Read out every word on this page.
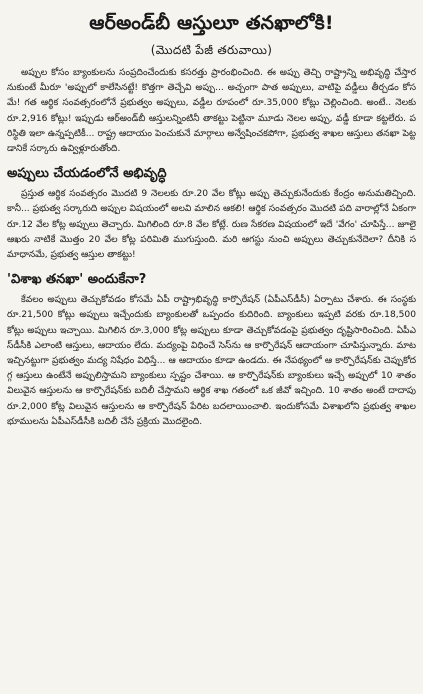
ఆర్‌అండ్‌బీ ఆస్తులూ తనఖాలోకి!
(మొదటి పేజీ తరువాయి)

అప్పుల కోసం బ్యాంకులను సంప్రదించేందుకు కసరత్తు ప్రారంభించింది. ఈ అప్పు తెచ్చి రాష్ట్రాన్ని అభివృద్ధి చేస్తారనుకుంటే మీరూ 'అప్పులో కాలేసినట్టే! కొత్తగా తెచ్చేవి అప్పు... అచ్చంగా పాత అప్పులు, వాటిపై వడ్డీలు తీర్చడం కోసమే! గత ఆర్థిక సంవత్సరంలోనే ప్రభుత్వం అప్పులు, వడ్డీల రూపంలో రూ.35,000 కోట్లు చెల్లించింది. అంటే.. నెలకు రూ.2,916 కోట్లు! ఇప్పుడు ఆర్‌అండ్‌బీ ఆస్తులన్నింటినీ తాకట్టు పెట్టినా మూడు నెలల అప్పు, వడ్డీ కూడా కట్టలేరు. పరిస్థితి ఇలా ఉన్నప్పటికీ... రాష్ట్ర ఆదాయం పెంచుకునే మార్గాలు అన్వేషించకపోగా, ప్రభుత్వ శాఖల ఆస్తులు తనఖా పెట్టడానికే సర్కారు ఉవ్విళ్లూరుతోంది.

అప్పులు చేయడంలోనే అభివృద్ధి

ప్రస్తుత ఆర్థిక సంవత్సరం మొదటి 9 నెలలకు రూ.20 వేల కోట్లు అప్పు తెచ్చుకునేందుకు కేంద్రం అనుమతిచ్చింది. కానీ... ప్రభుత్వ సర్కారుది అప్పుల విషయంలో అలవి మాలిన ఆకలి! ఆర్థిక సంవత్సరం మొదటి పది వారాల్లోనే ఏకంగా రూ.12 వేల కోట్ల అప్పులు తెచ్చారు. మిగిలింది రూ.8 వేల కోట్లే. రుణ సేకరణ విషయంలో ఇదే 'వేగం' చూపిస్తే... జూలై ఆఖరు నాటికే మొత్తం 20 వేల కోట్ల పరిమితి ముగుస్తుంది. మరి ఆగస్టు నుంచి అప్పులు తెచ్చుకునేదెలా? దీనికి సమాధానమే, ప్రభుత్వ ఆస్తుల తాకట్టు!

'విశాఖ తనఖా' అందుకేనా?

కేవలం అప్పులు తెచ్చుకోవడం కోసమే ఏపీ రాష్ట్రాభివృద్ధి కార్పొరేషన్ (ఏపీఎస్‌డీసీ) ఏర్పాటు చేశారు. ఈ సంస్థకు రూ.21,500 కోట్లు అప్పులు ఇచ్చేందుకు బ్యాంకులతో ఒప్పందం కుదిరింది. బ్యాంకులు ఇప్పటి వరకు రూ.18,500 కోట్లు అప్పులు ఇచ్చాయి. మిగిలిన రూ.3,000 కోట్ల అప్పులు కూడా తెచ్చుకోవడంపై ప్రభుత్వం దృష్టిసారించింది. ఏపీఎస్‌డీసీకి ఎలాంటి ఆస్తులు, ఆదాయం లేదు. మద్యంపై విధించే సెస్‌ను ఆ కార్పొరేషన్ ఆదాయంగా చూపిస్తున్నారు. మాట ఇచ్చినట్టుగా ప్రభుత్వం మద్య నిషేధం విధిస్తే... ఆ ఆదాయం కూడా ఉండదు. ఈ నేపథ్యంలో ఆ కార్పొరేషన్‌కు చెప్పుకోదగ్గ ఆస్తులు ఉంటేనే అప్పులిస్తామని బ్యాంకులు స్పష్టం చేశాయి. ఆ కార్పొరేషన్‌కు బ్యాంకులు ఇచ్చే అప్పులో 10 శాతం విలువైన ఆస్తులను ఆ కార్పొరేషన్‌కు బదిలీ చేస్తామని ఆర్థిక శాఖ గతంలో ఒక జీవో ఇచ్చింది. 10 శాతం అంటే దాదాపు రూ.2,000 కోట్ల విలువైన ఆస్తులను ఆ కార్పొరేషన్ పేరిట బదలాయించాలి. ఇందుకోసమే విశాఖలోని ప్రభుత్వ శాఖల భూములను ఏపీఎస్‌డీసీకి బదిలీ చేసే ప్రక్రియ మొదలైంది.
